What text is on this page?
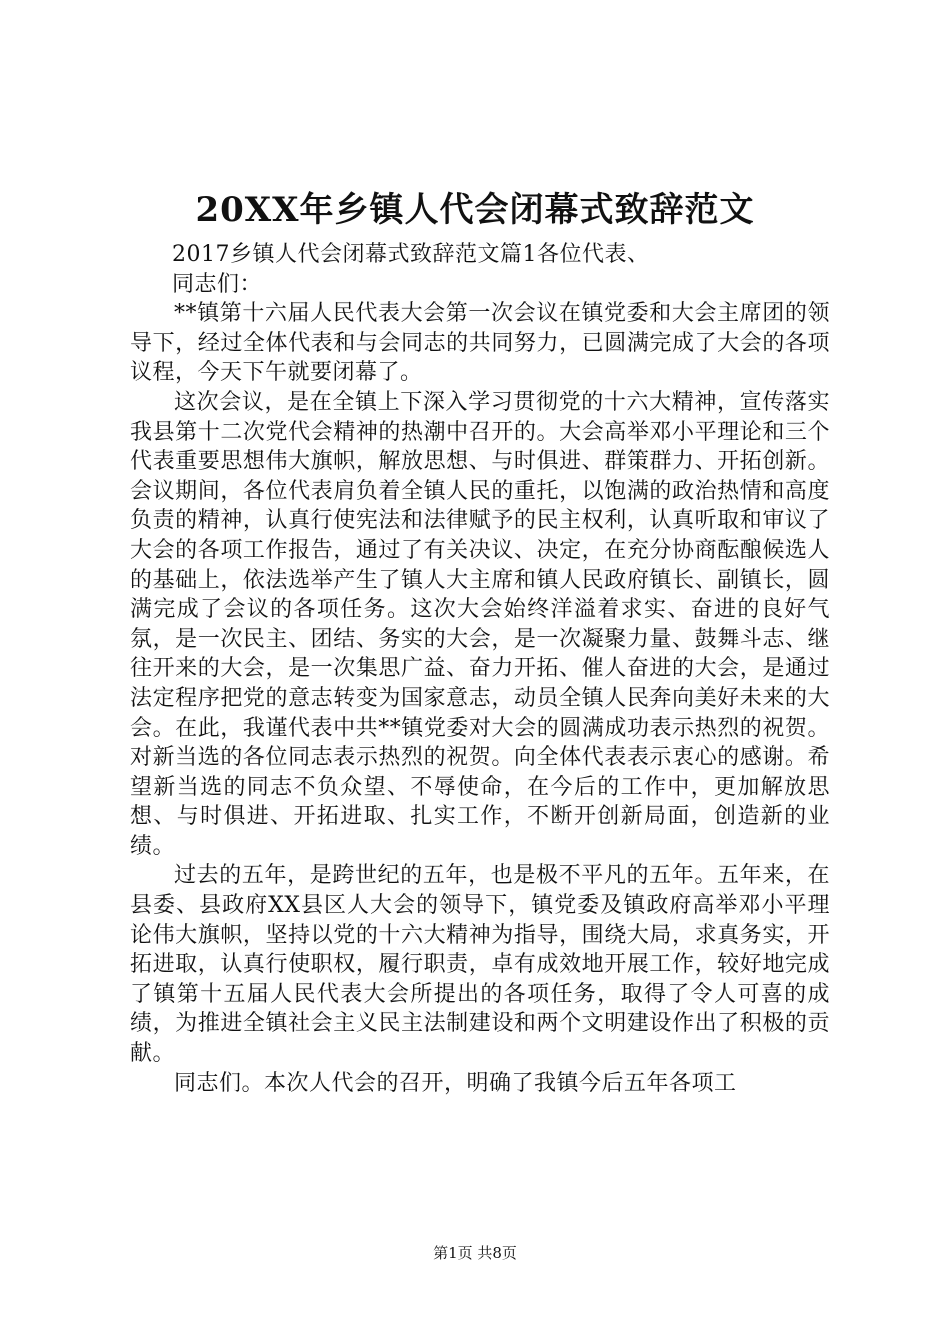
20XX年乡镇人代会闭幕式致辞范文

2017乡镇人代会闭幕式致辞范文篇1各位代表、

同志们：

**镇第十六届人民代表大会第一次会议在镇党委和大会主席团的领导下，经过全体代表和与会同志的共同努力，已圆满完成了大会的各项议程，今天下午就要闭幕了。

这次会议，是在全镇上下深入学习贯彻党的十六大精神，宣传落实我县第十二次党代会精神的热潮中召开的。大会高举邓小平理论和三个代表重要思想伟大旗帜，解放思想、与时俱进、群策群力、开拓创新。会议期间，各位代表肩负着全镇人民的重托，以饱满的政治热情和高度负责的精神，认真行使宪法和法律赋予的民主权利，认真听取和审议了大会的各项工作报告，通过了有关决议、决定，在充分协商酝酿候选人的基础上，依法选举产生了镇人大主席和镇人民政府镇长、副镇长，圆满完成了会议的各项任务。这次大会始终洋溢着求实、奋进的良好气氛，是一次民主、团结、务实的大会，是一次凝聚力量、鼓舞斗志、继往开来的大会，是一次集思广益、奋力开拓、催人奋进的大会，是通过法定程序把党的意志转变为国家意志，动员全镇人民奔向美好未来的大会。在此，我谨代表中共**镇党委对大会的圆满成功表示热烈的祝贺。对新当选的各位同志表示热烈的祝贺。向全体代表表示衷心的感谢。希望新当选的同志不负众望、不辱使命，在今后的工作中，更加解放思想、与时俱进、开拓进取、扎实工作，不断开创新局面，创造新的业绩。

过去的五年，是跨世纪的五年，也是极不平凡的五年。五年来，在县委、县政府XX县区人大会的领导下，镇党委及镇政府高举邓小平理论伟大旗帜，坚持以党的十六大精神为指导，围绕大局，求真务实，开拓进取，认真行使职权，履行职责，卓有成效地开展工作，较好地完成了镇第十五届人民代表大会所提出的各项任务，取得了令人可喜的成绩，为推进全镇社会主义民主法制建设和两个文明建设作出了积极的贡献。

同志们。本次人代会的召开，明确了我镇今后五年各项工

第1页 共8页
